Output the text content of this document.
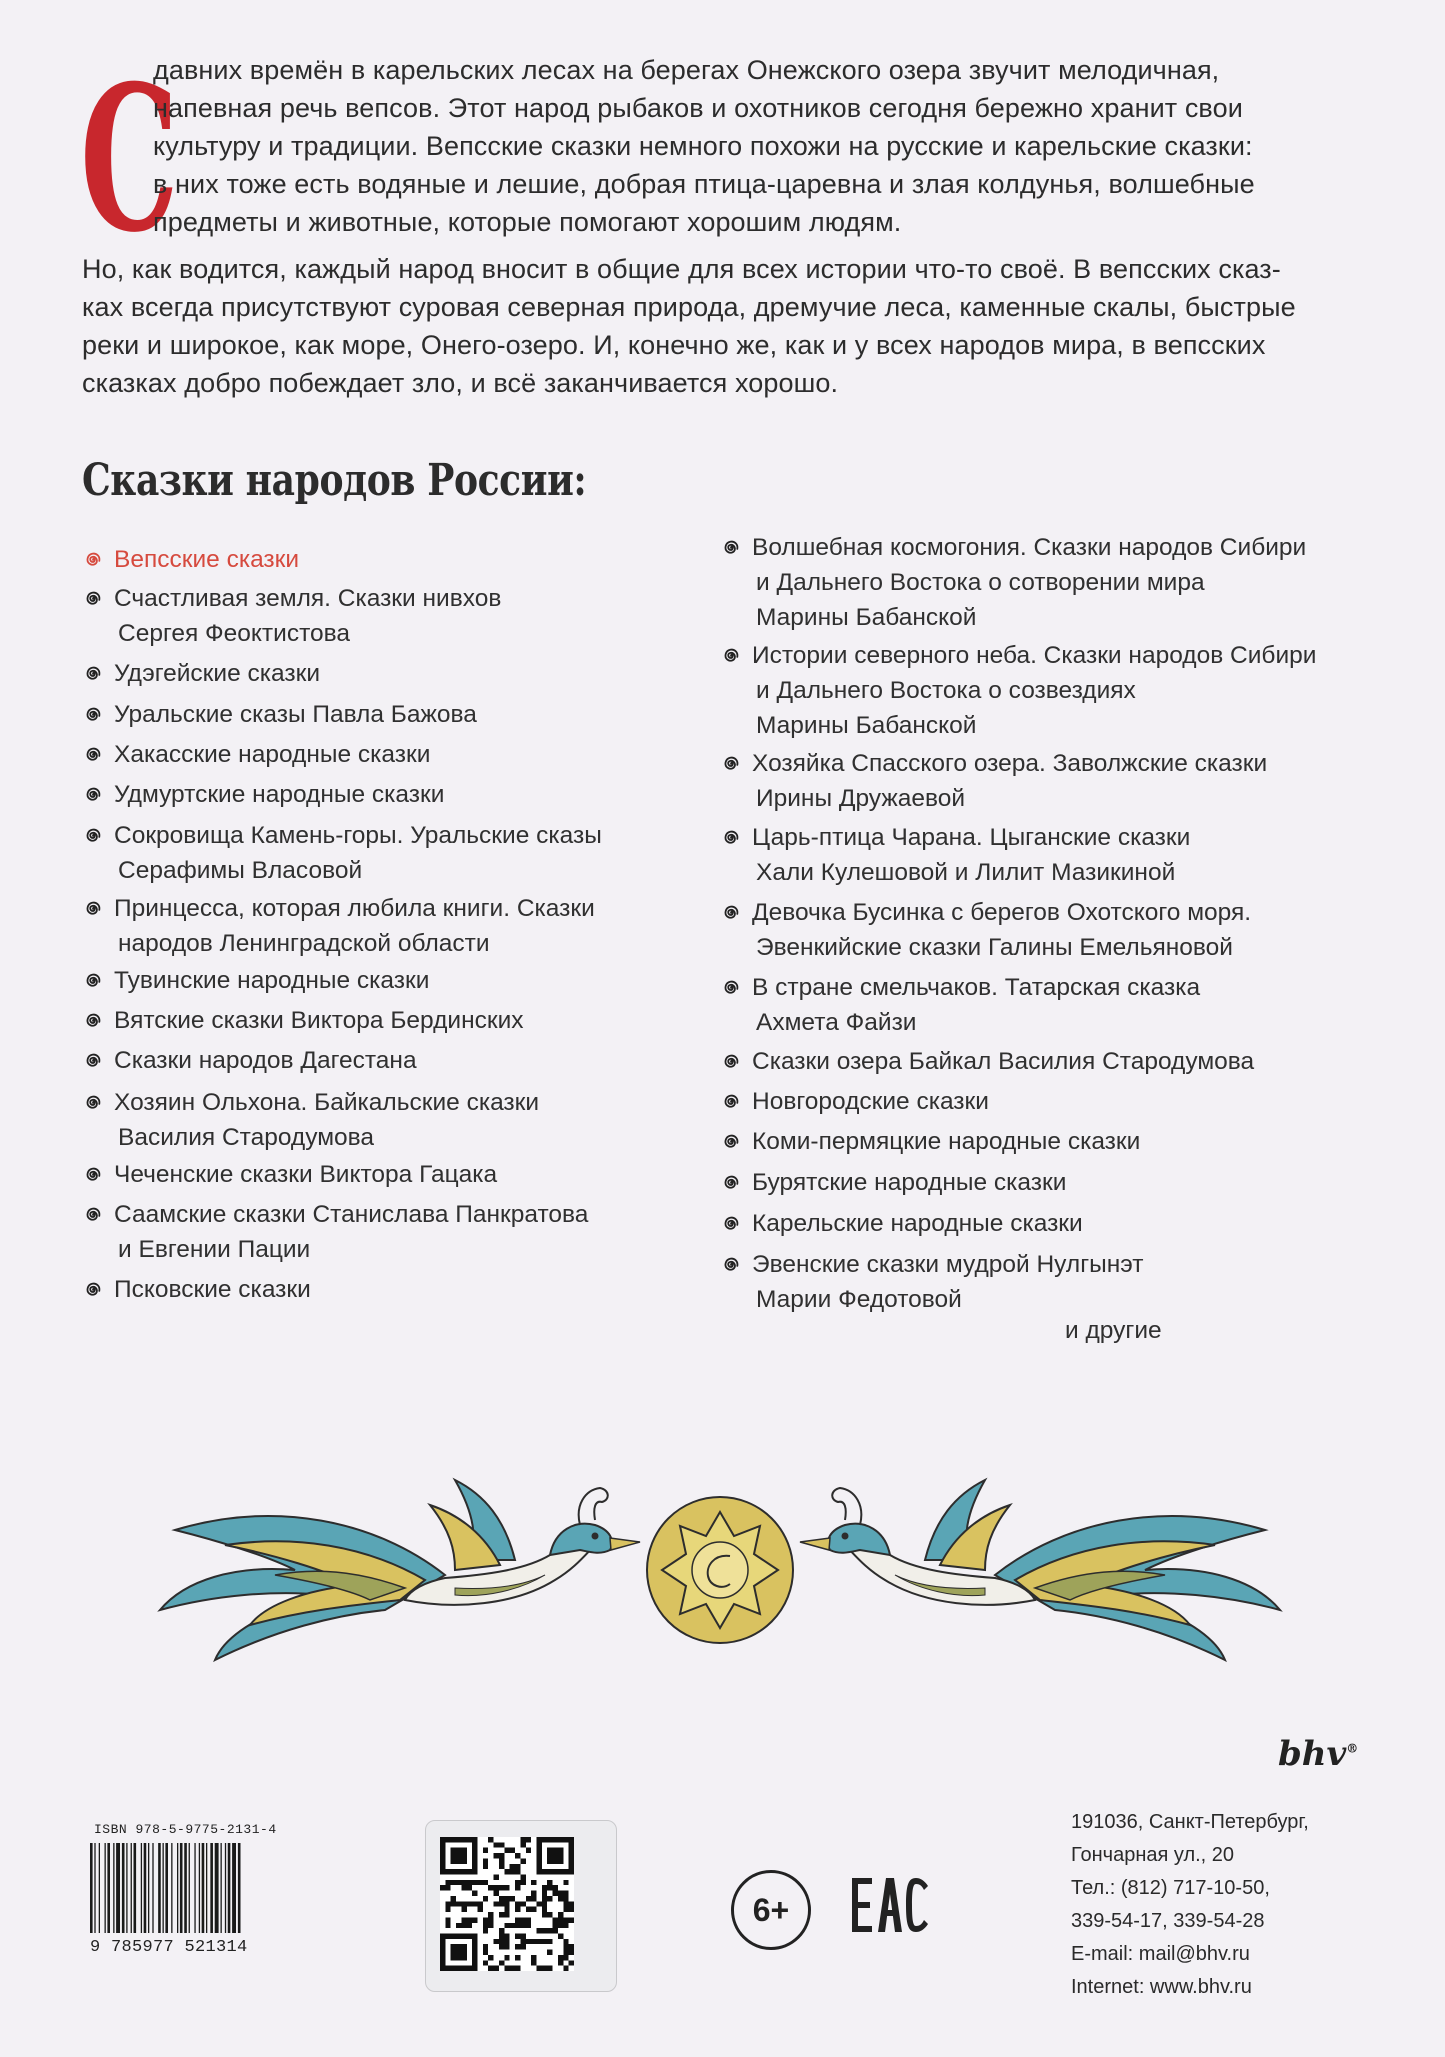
С
давних времён в карельских лесах на берегах Онежского озера звучит мелодичная,
напевная речь вепсов. Этот народ рыбаков и охотников сегодня бережно хранит свои
культуру и традиции. Вепсские сказки немного похожи на русские и карельские сказки:
в них тоже есть водяные и лешие, добрая птица-царевна и злая колдунья, волшебные
предметы и животные, которые помогают хорошим людям.
Но, как водится, каждый народ вносит в общие для всех истории что-то своё. В вепсских сказ-
ках всегда присутствуют суровая северная природа, дремучие леса, каменные скалы, быстрые
реки и широкое, как море, Онего-озеро. И, конечно же, как и у всех народов мира, в вепсских
сказках добро побеждает зло, и всё заканчивается хорошо.
Сказки народов России:
Вепсские сказки
Счастливая земля. Сказки нивхов
Сергея Феоктистова
Удэгейские сказки
Уральские сказы Павла Бажова
Хакасские народные сказки
Удмуртские народные сказки
Сокровища Камень-горы. Уральские сказы
Серафимы Власовой
Принцесса, которая любила книги. Сказки
народов Ленинградской области
Тувинские народные сказки
Вятские сказки Виктора Бердинских
Сказки народов Дагестана
Хозяин Ольхона. Байкальские сказки
Василия Стародумова
Чеченские сказки Виктора Гацака
Саамские сказки Станислава Панкратова
и Евгении Пации
Псковские сказки
Волшебная космогония. Сказки народов Сибири
и Дальнего Востока о сотворении мира
Марины Бабанской
Истории северного неба. Сказки народов Сибири
и Дальнего Востока о созвездиях
Марины Бабанской
Хозяйка Спасского озера. Заволжские сказки
Ирины Дружаевой
Царь-птица Чарана. Цыганские сказки
Хали Кулешовой и Лилит Мазикиной
Девочка Бусинка с берегов Охотского моря.
Эвенкийские сказки Галины Емельяновой
В стране смельчаков. Татарская сказка
Ахмета Файзи
Сказки озера Байкал Василия Стародумова
Новгородские сказки
Коми-пермяцкие народные сказки
Бурятские народные сказки
Карельские народные сказки
Эвенские сказки мудрой Нулгынэт
Марии Федотовой
и другие
bhv®
ISBN 978-5-9775-2131-4
9 785977 521314
6+
191036, Санкт-Петербург,
Гончарная ул., 20
Тел.: (812) 717-10-50,
339-54-17, 339-54-28
E-mail: mail@bhv.ru
Internet: www.bhv.ru
